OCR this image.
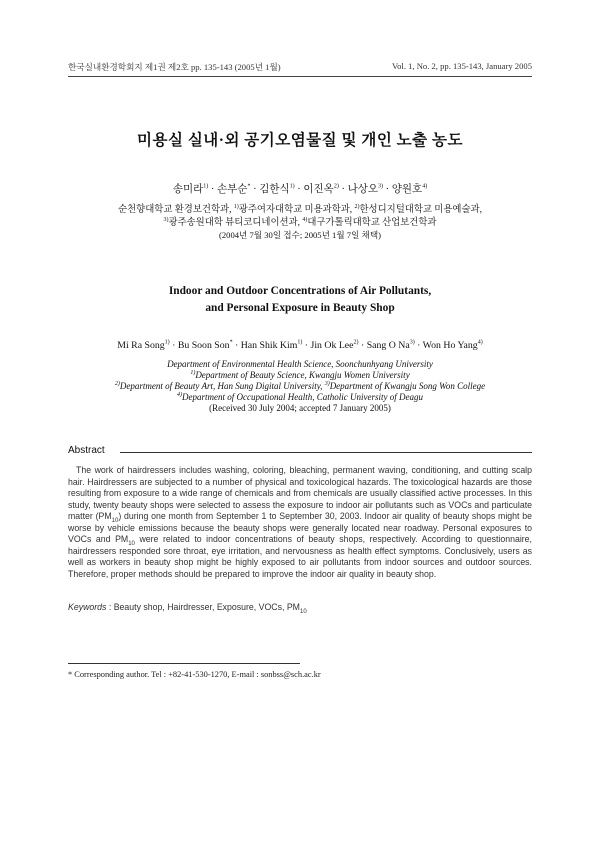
한국실내환경학회지 제1권 제2호 pp. 135-143 (2005년 1월)	Vol. 1, No. 2, pp. 135-143, January 2005
미용실 실내·외 공기오염물질 및 개인 노출 농도
송미라$^{1)}$ · 손부순* · 김한식$^{1)}$ · 이진옥$^{2)}$ · 나상오$^{3)}$ · 양원호$^{4)}$
순천향대학교 환경보건학과, $^{1)}$광주여자대학교 미용과학과, $^{2)}$한성디지털대학교 미용예술과,
$^{3)}$광주송원대학 뷰티코디네이션과, $^{4)}$대구가톨릭대학교 산업보건학과
(2004년 7월 30일 접수; 2005년 1월 7일 채택)
Indoor and Outdoor Concentrations of Air Pollutants,
and Personal Exposure in Beauty Shop
Mi Ra Song$^{1)}$ · Bu Soon Son* · Han Shik Kim$^{1)}$ · Jin Ok Lee$^{2)}$ · Sang O $Na^{3)}$ · Won Ho Yang$^{4)}$
Department of Environmental Health Science, Soonchunhyang University
$^{1)}$Department of Beauty Science, Kwangju Women University
$^{2)}$Department of Beauty Art, Han Sung Digital University, $^{3)}$Department of Kwangju Song Won College
$^{4)}$Department of Occupational Health, Catholic University of Deagu
(Received 30 July 2004; accepted 7 January 2005)
Abstract

The work of hairdressers includes washing, coloring, bleaching, permanent waving, conditioning, and cutting scalp hair. Hairdressers are subjected to a number of physical and toxicological hazards. The toxicological hazards are those resulting from exposure to a wide range of chemicals and from chemicals are usually classified active processes. In this study, twenty beauty shops were selected to assess the exposure to indoor air pollutants such as VOCs and particulate matter $(PM_{10})$ during one month from September 1 to September 30, 2003. Indoor air quality of beauty shops might be worse by vehicle emissions because the beauty shops were generally located near roadway. Personal exposures to VOCs and $PM_{10}$ were related to indoor concentrations of beauty shops, respectively. According to questionnaire, hairdressers responded sore throat, eye irritation, and nervousness as health effect symptoms. Conclusively, users as well as workers in beauty shop might be highly exposed to air pollutants from indoor sources and outdoor sources. Therefore, proper methods should be prepared to improve the indoor air quality in beauty shop.

Keywords : Beauty shop, Hairdresser, Exposure, VOCs, $PM_{10}$
* Corresponding author. Tel : +82-41-530-1270, E-mail : sonbss@sch.ac.kr
